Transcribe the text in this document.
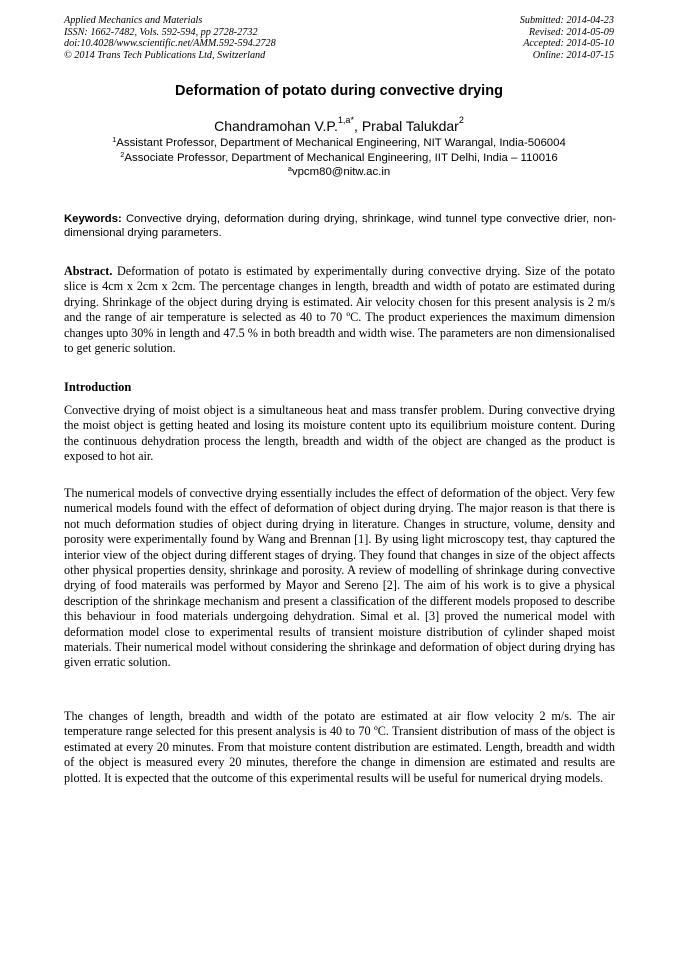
Applied Mechanics and Materials
ISSN: 1662-7482, Vols. 592-594, pp 2728-2732
doi:10.4028/www.scientific.net/AMM.592-594.2728
© 2014 Trans Tech Publications Ltd, Switzerland
Submitted: 2014-04-23
Revised: 2014-05-09
Accepted: 2014-05-10
Online: 2014-07-15
Deformation of potato during convective drying
Chandramohan V.P.$^{1,a*}$, Prabal Talukdar$^2$
$^1$Assistant Professor, Department of Mechanical Engineering, NIT Warangal, India-506004
$^2$Associate Professor, Department of Mechanical Engineering, IIT Delhi, India – 110016
$^a$vpcm80@nitw.ac.in
Keywords: Convective drying, deformation during drying, shrinkage, wind tunnel type convective drier, non-dimensional drying parameters.
Abstract. Deformation of potato is estimated by experimentally during convective drying. Size of the potato slice is 4cm x 2cm x 2cm. The percentage changes in length, breadth and width of potato are estimated during drying. Shrinkage of the object during drying is estimated. Air velocity chosen for this present analysis is 2 m/s and the range of air temperature is selected as 40 to 70 ºC. The product experiences the maximum dimension changes upto 30% in length and 47.5 % in both breadth and width wise. The parameters are non dimensionalised to get generic solution.
Introduction

Convective drying of moist object is a simultaneous heat and mass transfer problem. During convective drying the moist object is getting heated and losing its moisture content upto its equilibrium moisture content. During the continuous dehydration process the length, breadth and width of the object are changed as the product is exposed to hot air.

The numerical models of convective drying essentially includes the effect of deformation of the object. Very few numerical models found with the effect of deformation of object during drying. The major reason is that there is not much deformation studies of object during drying in literature. Changes in structure, volume, density and porosity were experimentally found by Wang and Brennan [1]. By using light microscopy test, thay captured the interior view of the object during different stages of drying. They found that changes in size of the object affects other physical properties density, shrinkage and porosity. A review of modelling of shrinkage during convective drying of food materails was performed by Mayor and Sereno [2]. The aim of his work is to give a physical description of the shrinkage mechanism and present a classification of the different models proposed to describe this behaviour in food materials undergoing dehydration. Simal et al. [3] proved the numerical model with deformation model close to experimental results of transient moisture distribution of cylinder shaped moist materials. Their numerical model without considering the shrinkage and deformation of object during drying has given erratic solution.

The changes of length, breadth and width of the potato are estimated at air flow velocity 2 m/s. The air temperature range selected for this present analysis is 40 to 70 ºC. Transient distribution of mass of the object is estimated at every 20 minutes. From that moisture content distribution are estimated. Length, breadth and width of the object is measured every 20 minutes, therefore the change in dimension are estimated and results are plotted. It is expected that the outcome of this experimental results will be useful for numerical drying models.
